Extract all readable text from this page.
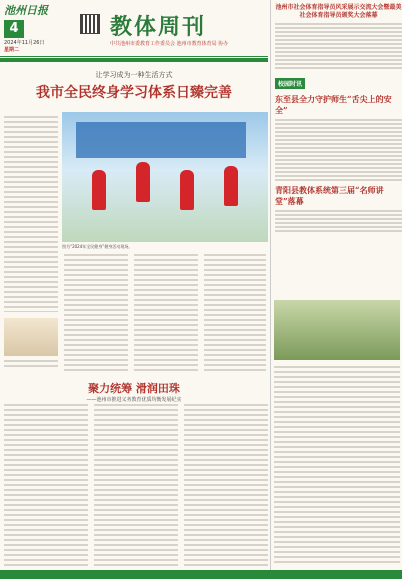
池州日报
4	教体周刊
中共池州市委教育工作委员会 池州市教育体育局 协办
2024年11月26日
星期二
让学习成为一种生活方式
我市全民终身学习体系日臻完善
图为“2024年全民健身”健身活动现场。
池州市社会体育指导员风采展示交流大会暨最美社会体育指导员颁奖大会落幕
校园时讯
东至县全力守护师生“舌尖上的安全”
青阳县教体系统第三届“名师讲堂”落幕
聚力统筹 滑润田珠
——池州市推进义务教育优质均衡发展纪实
